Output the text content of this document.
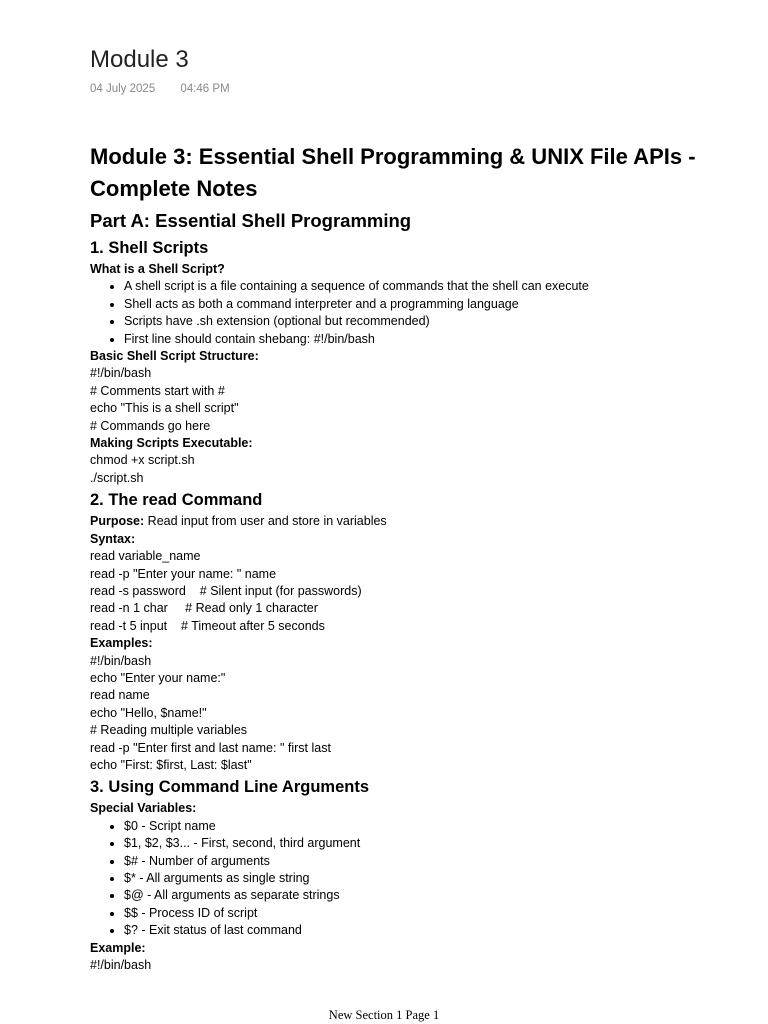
Module 3
04 July 2025 04:46 PM
Module 3: Essential Shell Programming & UNIX File APIs - Complete Notes
Part A: Essential Shell Programming
1. Shell Scripts
What is a Shell Script?
• A shell script is a file containing a sequence of commands that the shell can execute
• Shell acts as both a command interpreter and a programming language
• Scripts have .sh extension (optional but recommended)
• First line should contain shebang: #!/bin/bash
Basic Shell Script Structure:
#!/bin/bash
# Comments start with #
echo "This is a shell script"
# Commands go here
Making Scripts Executable:
chmod +x script.sh
./script.sh
2. The read Command
Purpose: Read input from user and store in variables
Syntax:
read variable_name
read -p "Enter your name: " name
read -s password    # Silent input (for passwords)
read -n 1 char     # Read only 1 character
read -t 5 input    # Timeout after 5 seconds
Examples:
#!/bin/bash
echo "Enter your name:"
read name
echo "Hello, $name!"
# Reading multiple variables
read -p "Enter first and last name: " first last
echo "First: $first, Last: $last"
3. Using Command Line Arguments
Special Variables:
• $0 - Script name
• $1, $2, $3... - First, second, third argument
• $# - Number of arguments
• $* - All arguments as single string
• $@ - All arguments as separate strings
• $$ - Process ID of script
• $? - Exit status of last command
Example:
#!/bin/bash
New Section 1 Page 1
